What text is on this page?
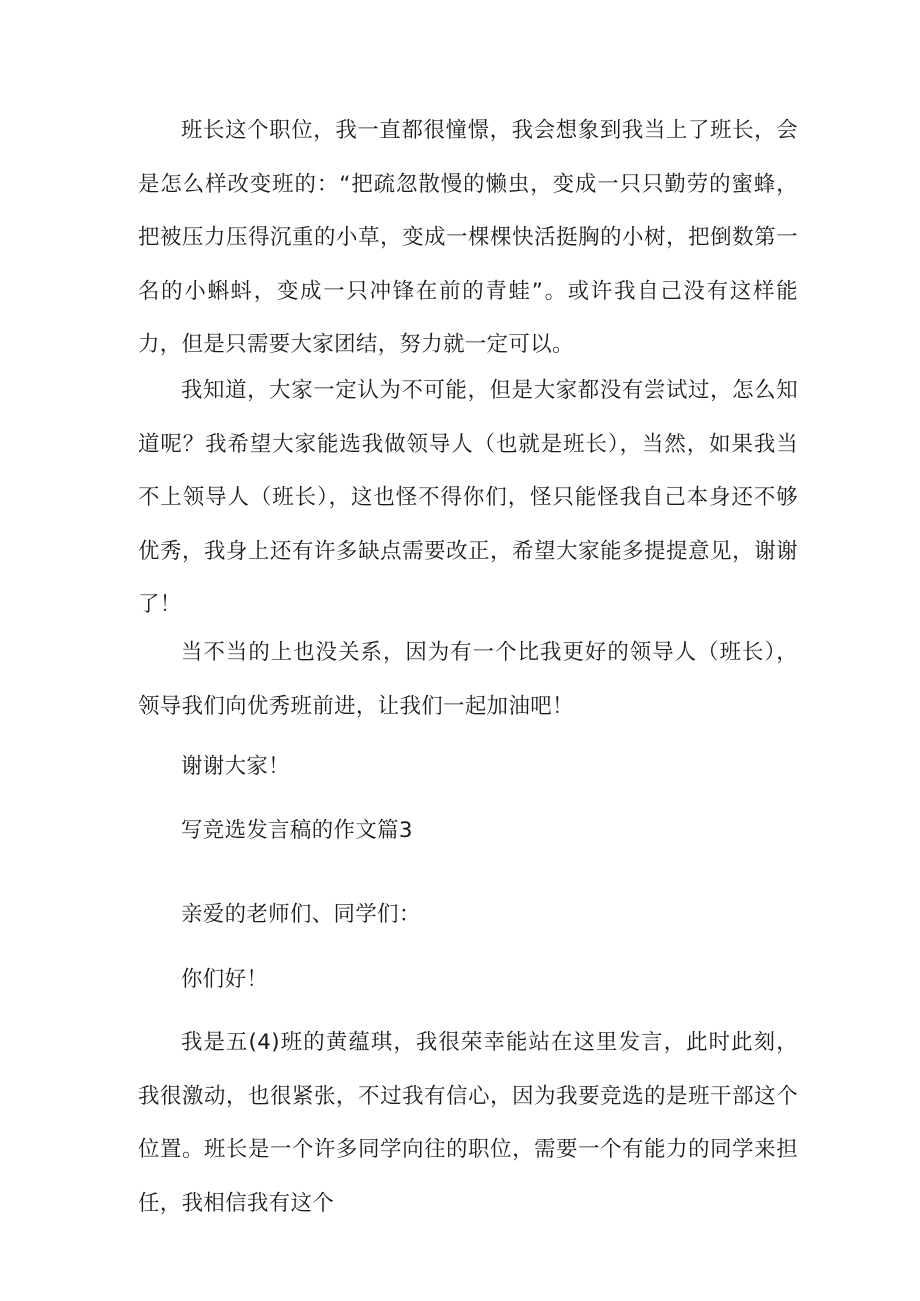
班长这个职位，我一直都很憧憬，我会想象到我当上了班长，会是怎么样改变班的：“把疏忽散慢的懒虫，变成一只只勤劳的蜜蜂，把被压力压得沉重的小草，变成一棵棵快活挺胸的小树，把倒数第一名的小蝌蚪，变成一只冲锋在前的青蛙”。或许我自己没有这样能力，但是只需要大家团结，努力就一定可以。

我知道，大家一定认为不可能，但是大家都没有尝试过，怎么知道呢？我希望大家能选我做领导人（也就是班长），当然，如果我当不上领导人（班长），这也怪不得你们，怪只能怪我自己本身还不够优秀，我身上还有许多缺点需要改正，希望大家能多提提意见，谢谢了！

当不当的上也没关系，因为有一个比我更好的领导人（班长），领导我们向优秀班前进，让我们一起加油吧！

谢谢大家！

写竞选发言稿的作文篇3

亲爱的老师们、同学们：

你们好！

我是五(4)班的黄蕴琪，我很荣幸能站在这里发言，此时此刻，我很激动，也很紧张，不过我有信心，因为我要竞选的是班干部这个位置。班长是一个许多同学向往的职位，需要一个有能力的同学来担任，我相信我有这个
